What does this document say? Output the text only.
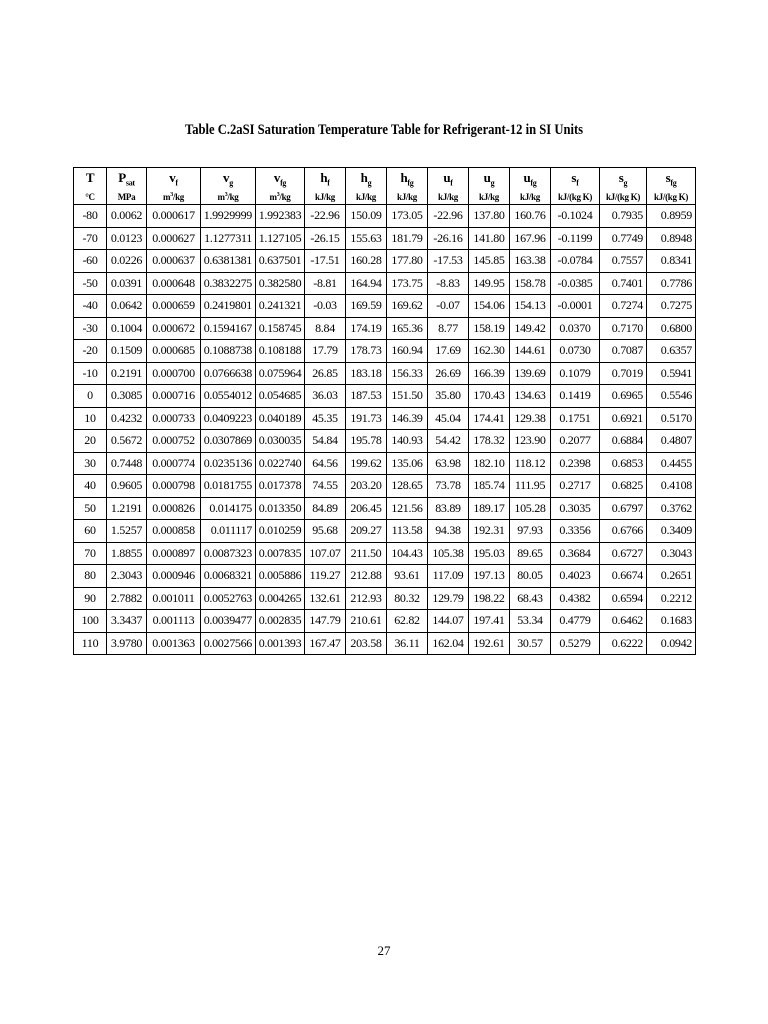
Table C.2aSI Saturation Temperature Table for Refrigerant-12 in SI Units
T	$P_{sat}$	$v_f$	$v_g$	$v_{fg}$	$h_f$	$h_g$	$h_{fg}$	$u_f$	$u_g$	$u_{fg}$	$s_f$	$s_g$	$s_{fg}$
°C	MPa	$m^3/kg$	$m^3/kg$	$m^3/kg$	kJ/kg	kJ/kg	kJ/kg	kJ/kg	kJ/kg	kJ/kg	kJ/(kg K)	kJ/(kg K)	kJ/(kg K)
-80	0.0062	0.000617	1.9929999	1.992383	-22.96	150.09	173.05	-22.96	137.80	160.76	-0.1024	0.7935	0.8959
-70	0.0123	0.000627	1.1277311	1.127105	-26.15	155.63	181.79	-26.16	141.80	167.96	-0.1199	0.7749	0.8948
-60	0.0226	0.000637	0.6381381	0.637501	-17.51	160.28	177.80	-17.53	145.85	163.38	-0.0784	0.7557	0.8341
-50	0.0391	0.000648	0.3832275	0.382580	-8.81	164.94	173.75	-8.83	149.95	158.78	-0.0385	0.7401	0.7786
-40	0.0642	0.000659	0.2419801	0.241321	-0.03	169.59	169.62	-0.07	154.06	154.13	-0.0001	0.7274	0.7275
-30	0.1004	0.000672	0.1594167	0.158745	8.84	174.19	165.36	8.77	158.19	149.42	0.0370	0.7170	0.6800
-20	0.1509	0.000685	0.1088738	0.108188	17.79	178.73	160.94	17.69	162.30	144.61	0.0730	0.7087	0.6357
-10	0.2191	0.000700	0.0766638	0.075964	26.85	183.18	156.33	26.69	166.39	139.69	0.1079	0.7019	0.5941
0	0.3085	0.000716	0.0554012	0.054685	36.03	187.53	151.50	35.80	170.43	134.63	0.1419	0.6965	0.5546
10	0.4232	0.000733	0.0409223	0.040189	45.35	191.73	146.39	45.04	174.41	129.38	0.1751	0.6921	0.5170
20	0.5672	0.000752	0.0307869	0.030035	54.84	195.78	140.93	54.42	178.32	123.90	0.2077	0.6884	0.4807
30	0.7448	0.000774	0.0235136	0.022740	64.56	199.62	135.06	63.98	182.10	118.12	0.2398	0.6853	0.4455
40	0.9605	0.000798	0.0181755	0.017378	74.55	203.20	128.65	73.78	185.74	111.95	0.2717	0.6825	0.4108
50	1.2191	0.000826	0.014175	0.013350	84.89	206.45	121.56	83.89	189.17	105.28	0.3035	0.6797	0.3762
60	1.5257	0.000858	0.011117	0.010259	95.68	209.27	113.58	94.38	192.31	97.93	0.3356	0.6766	0.3409
70	1.8855	0.000897	0.0087323	0.007835	107.07	211.50	104.43	105.38	195.03	89.65	0.3684	0.6727	0.3043
80	2.3043	0.000946	0.0068321	0.005886	119.27	212.88	93.61	117.09	197.13	80.05	0.4023	0.6674	0.2651
90	2.7882	0.001011	0.0052763	0.004265	132.61	212.93	80.32	129.79	198.22	68.43	0.4382	0.6594	0.2212
100	3.3437	0.001113	0.0039477	0.002835	147.79	210.61	62.82	144.07	197.41	53.34	0.4779	0.6462	0.1683
110	3.9780	0.001363	0.0027566	0.001393	167.47	203.58	36.11	162.04	192.61	30.57	0.5279	0.6222	0.0942
27
